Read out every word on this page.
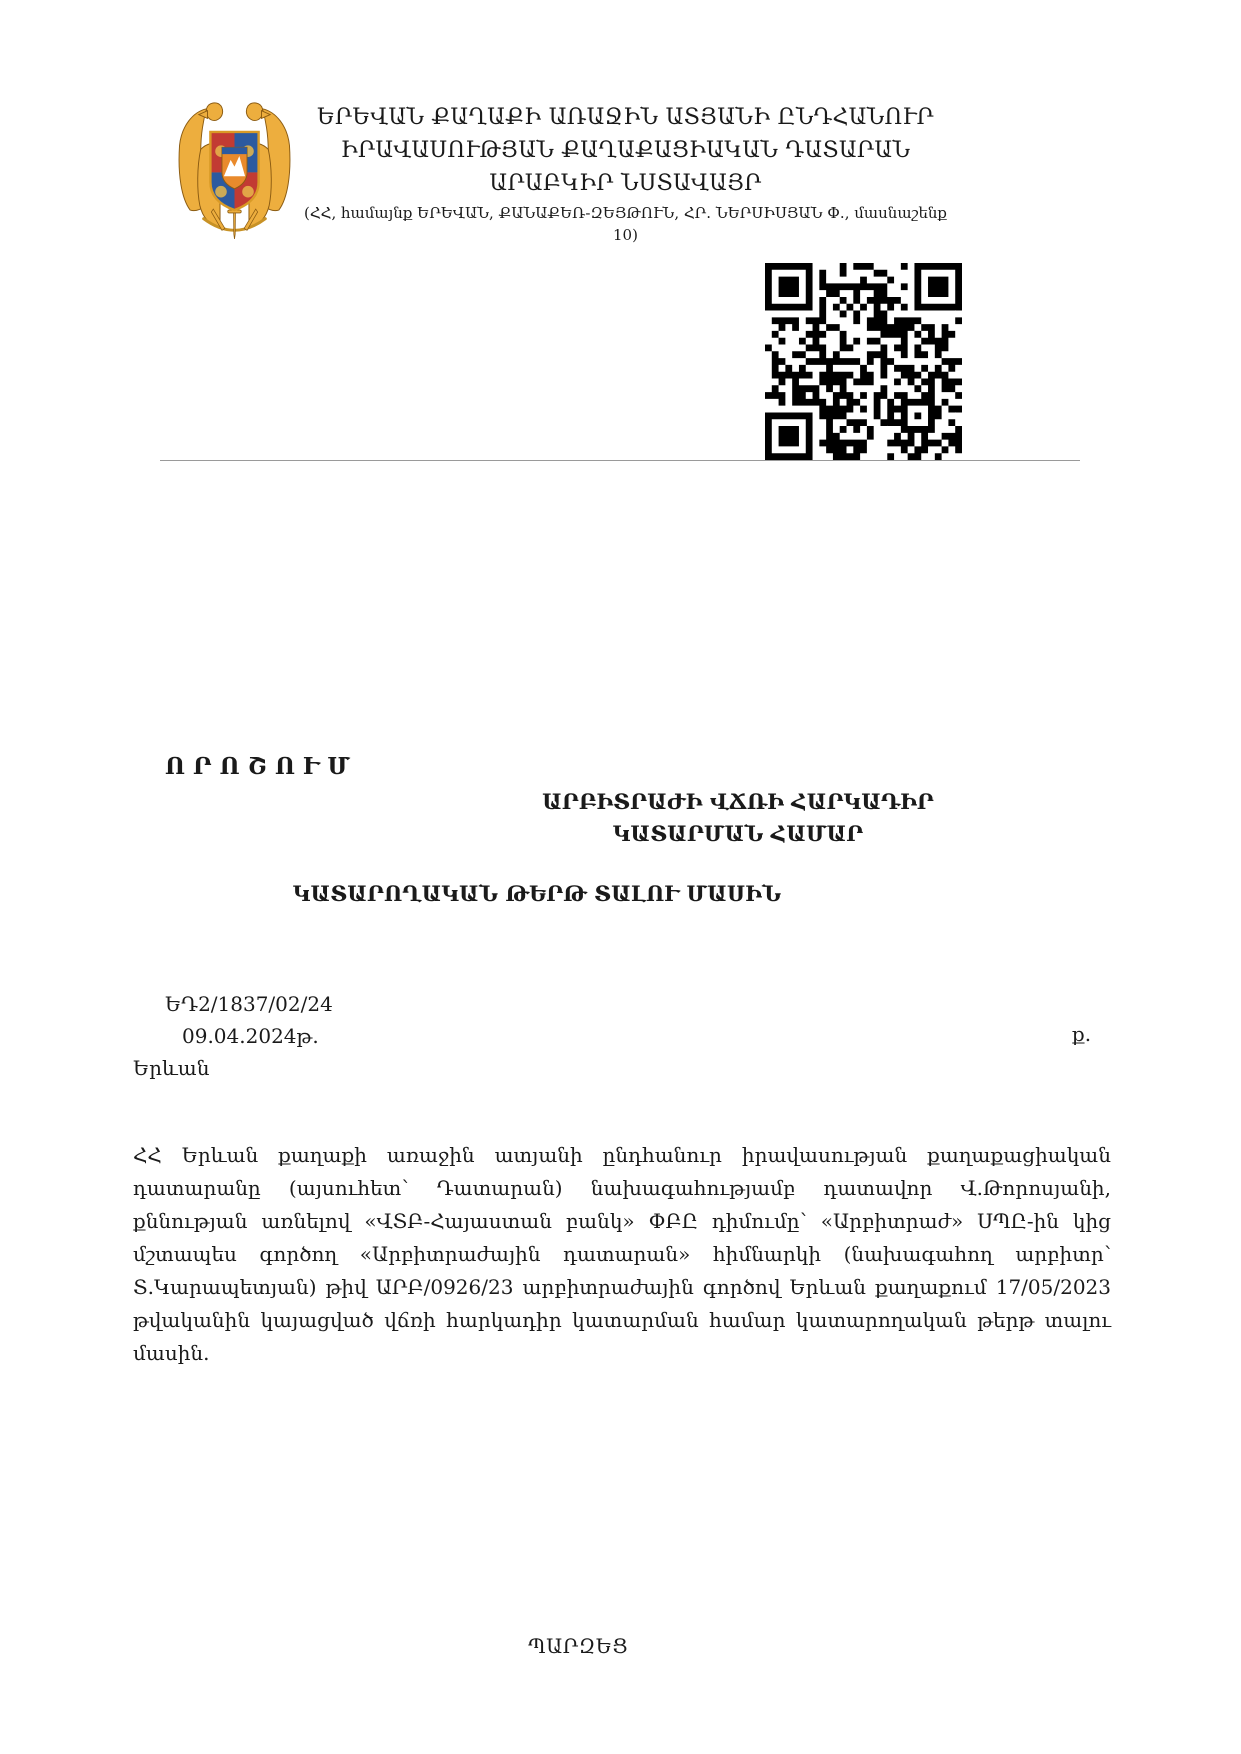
ԵՐԵՎԱՆ ՔԱՂԱՔԻ ԱՌԱՋԻՆ ԱՏՅԱՆԻ ԸՆԴՀԱՆՈՒՐ
ԻՐԱՎԱՍՈՒԹՅԱՆ ՔԱՂԱՔԱՑԻԱԿԱՆ ԴԱՏԱՐԱՆ
ԱՐԱԲԿԻՐ ՆՍՏԱՎԱՅՐ
(ՀՀ, համայնք ԵՐԵՎԱՆ, ՔԱՆԱՔԵՌ-ԶԵՅԹՈՒՆ, ՀՐ. ՆԵՐՍԻՍՅԱՆ Փ., մասնաշենք 10)
ՈՐՈՇՈՒՄ
ԱՐԲԻՏՐԱԺԻ ՎՃՌԻ ՀԱՐԿԱԴԻՐ
ԿԱՏԱՐՄԱՆ ՀԱՄԱՐ
ԿԱՏԱՐՈՂԱԿԱՆ ԹԵՐԹ ՏԱԼՈՒ ՄԱՍԻՆ
ԵԴ2/1837/02/24
09.04.2024թ.	ք.
Երևան

ՀՀ Երևան քաղաքի առաջին ատյանի ընդհանուր իրավասության քաղաքացիական դատարանը (այսուհետ՝ Դատարան) նախագահությամբ դատավոր Վ.Թորոսյանի, քննության առնելով «ՎՏԲ-Հայաստան բանկ» ՓԲԸ դիմումը՝ «Արբիտրաժ» ՍՊԸ-ին կից մշտապես գործող «Արբիտրաժային դատարան» հիմնարկի (նախագահող արբիտր՝ Տ.Կարապետյան) թիվ ԱՐԲ/0926/23 արբիտրաժային գործով Երևան քաղաքում 17/05/2023 թվականին կայացված վճռի հարկադիր կատարման համար կատարողական թերթ տալու մասին.

ՊԱՐԶԵՑ
